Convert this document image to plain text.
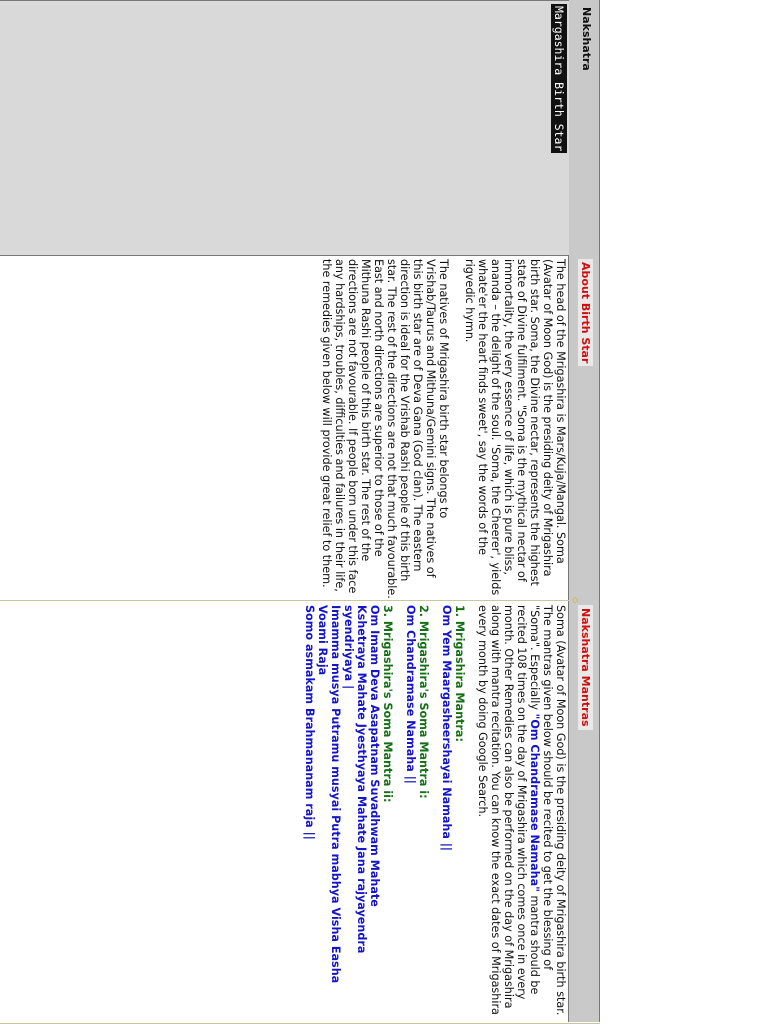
Nakshatra
About Birth Star
Nakshatra Mantras
Margashira Birth Star

The head of the Mrigashira is Mars/Kuja/Mangal. Soma (Avatar of Moon God) is the presiding deity of Mrigashira birth star. Soma, the Divine nectar, represents the highest state of Divine fulfilment. "Soma is the mythical nectar of immortality, the very essence of life, which is pure bliss, ananda – the delight of the soul. 'Soma, the Cheerer', yields whate'er the heart finds sweet', say the words of the rigvedic hymn.

The natives of Mrigashira birth star belongs to Vrishab/Taurus and Mithuna/Gemini signs. The natives of this birth star are of Deva Gana (God clan). The eastern direction is ideal for the Vrishab Rashi people of this birth star. The rest of the directions are not that much favourable. East and north directions are superior to those of the Mithuna Rashi people of this birth star. The rest of the directions are not favourable. If people born under this face any hardships, troubles, difficulties and failures in their life, the remedies given below will provide great relief to them.

◇

Soma (Avatar of Moon God) is the presiding deity of Mrigashira birth star. The mantras given below should be recited to get the blessing of "Soma". Especially "Om Chandramase Namaha" mantra should be recited 108 times on the day of Mrigashira which comes once in every month. Other Remedies can also be performed on the day of Mrigashira along with mantra recitation. You can know the exact dates of Mrigashira every month by doing Google Search.

1. Mrigashira Mantra:
Om Yem Maargasheershayai Namaha ||
2. Mrigashira's Soma Mantra i:
Om Chandramase Namaha ||
3. Mrigashira's Soma Mantra ii:
Om Imam Deva Asapatnam Suvadhwam Mahate
Kshetraya Mahate Jyesthyaya Mahate Jana rajyayendra syendriyaya |
Imamma musya Putramu musyai Putra mabhya Visha Easha Voami Raja
Somo asmakam Brahmananam raja ||
